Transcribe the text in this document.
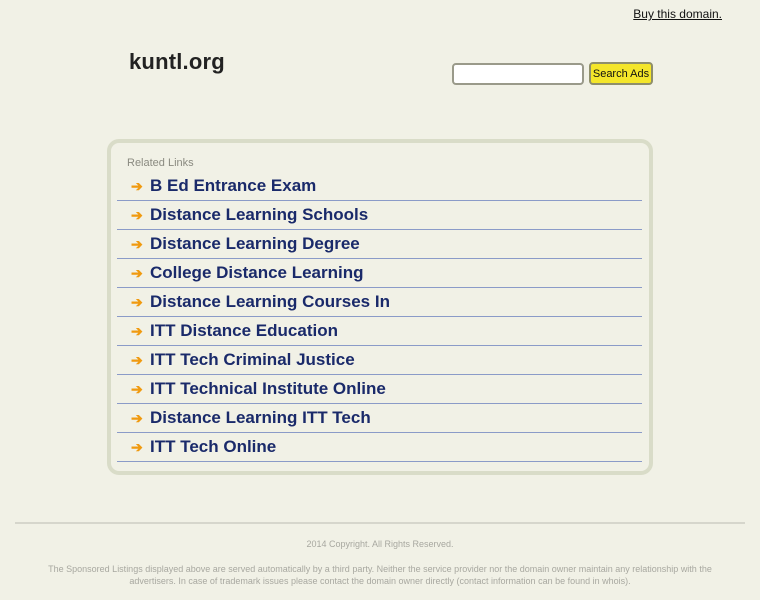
Buy this domain.
kuntl.org	Search Ads
Related Links
➔ B Ed Entrance Exam
➔ Distance Learning Schools
➔ Distance Learning Degree
➔ College Distance Learning
➔ Distance Learning Courses In
➔ ITT Distance Education
➔ ITT Tech Criminal Justice
➔ ITT Technical Institute Online
➔ Distance Learning ITT Tech
➔ ITT Tech Online
2014 Copyright. All Rights Reserved.
The Sponsored Listings displayed above are served automatically by a third party. Neither the service provider nor the domain owner maintain any relationship with the advertisers. In case of trademark issues please contact the domain owner directly (contact information can be found in whois).
